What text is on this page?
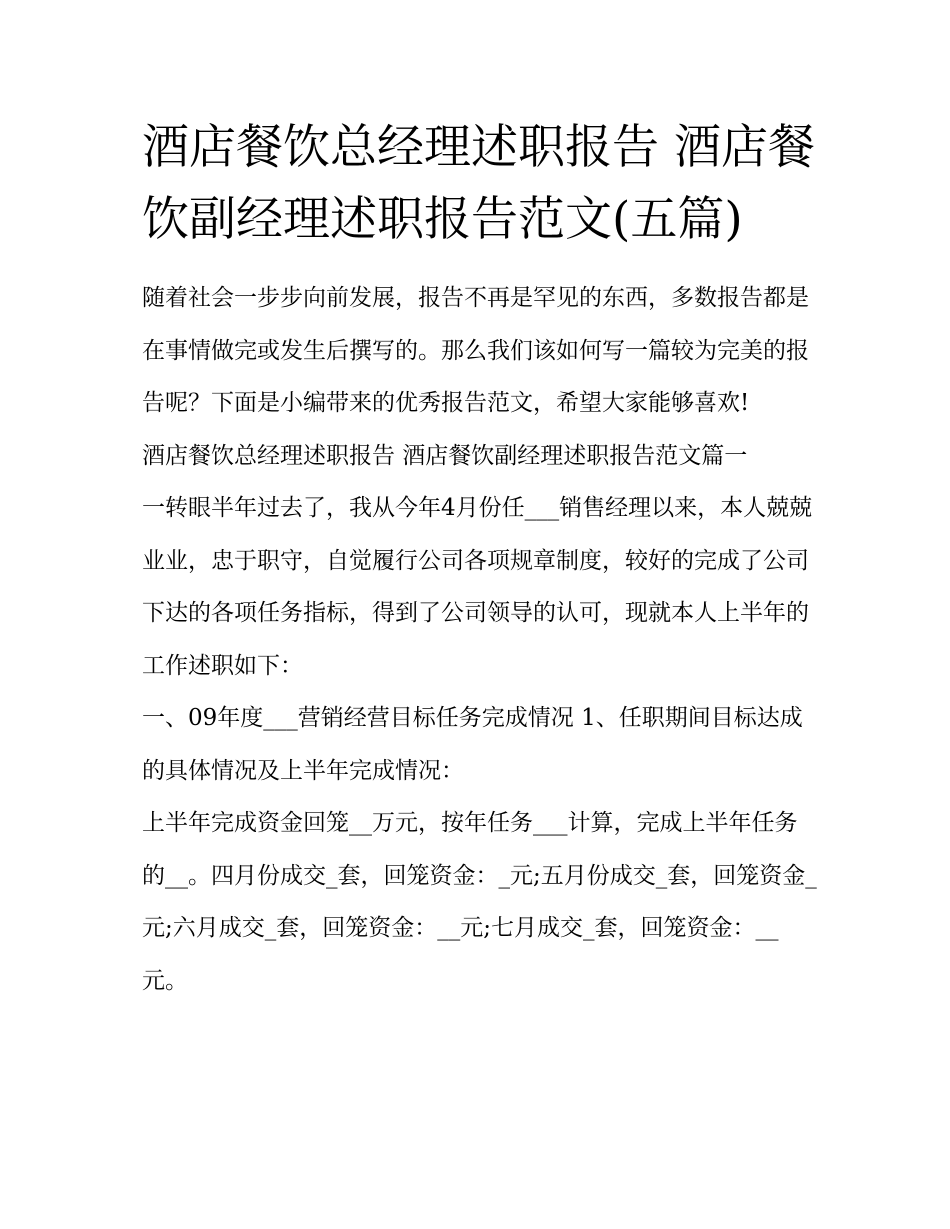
酒店餐饮总经理述职报告 酒店餐饮副经理述职报告范文(五篇)

随着社会一步步向前发展，报告不再是罕见的东西，多数报告都是在事情做完或发生后撰写的。那么我们该如何写一篇较为完美的报告呢？下面是小编带来的优秀报告范文，希望大家能够喜欢!

酒店餐饮总经理述职报告 酒店餐饮副经理述职报告范文篇一

一转眼半年过去了，我从今年4月份任___销售经理以来，本人兢兢业业，忠于职守，自觉履行公司各项规章制度，较好的完成了公司下达的各项任务指标，得到了公司领导的认可，现就本人上半年的工作述职如下：

一、09年度___营销经营目标任务完成情况 1、任职期间目标达成的具体情况及上半年完成情况：

上半年完成资金回笼__万元，按年任务___计算，完成上半年任务的__。四月份成交_套，回笼资金：_元;五月份成交_套，回笼资金_元;六月成交_套，回笼资金：__元;七月成交_套，回笼资金：__元。
